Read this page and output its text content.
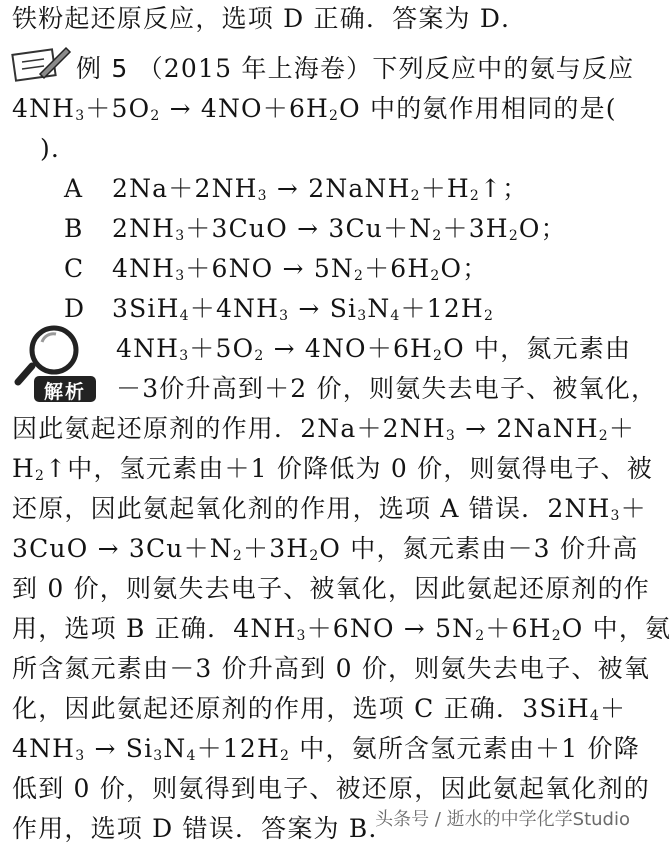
铁粉起还原反应，选项 D 正确．答案为 D．
例 5 （2015 年上海卷）下列反应中的氨与反应
$4NH_3+5O_2 \to 4NO+6H_2O$ 中的氨作用相同的是(
)．
A $2Na+2NH_3$ → $2NaNH_2+H_2↑$；
B $2NH_3+3CuO \to 3Cu+N_2+3H_2O$；
C $4NH_3+6NO \to 5N_2+6H_2O$；
D $3SiH_4+4NH_3 \to Si_3N_4+12H_2$
解析
$4NH_3+5O_2 \to 4NO+6H_2O$ 中，氮元素由
－3价升高到＋2 价，则氨失去电子、被氧化，
因此氨起还原剂的作用．$2Na+2NH_3$ → 2NaNH$_2$＋
$H_2↑$中，氢元素由＋1 价降低为 0 价，则氨得电子、被
还原，因此氨起氧化剂的作用，选项 A 错误．$2NH_3+$
$3CuO \to 3Cu+N_2+3H_2O$ 中，氮元素由－3 价升高
到 0 价，则氨失去电子、被氧化，因此氨起还原剂的作
用，选项 B 正确．$4NH_3+6NO \to 5N_2+6H_2O$ 中，氨
所含氮元素由－3 价升高到 0 价，则氨失去电子、被氧
化，因此氨起还原剂的作用，选项 C 正确．3SiH$_4$＋
$4NH_3 \to Si_3N_4+12H_2$ 中，氨所含氢元素由＋1 价降
低到 0 价，则氨得到电子、被还原，因此氨起氧化剂的
作用，选项 D 错误．答案为 B．
头条号 / 逝水的中学化学Studio
